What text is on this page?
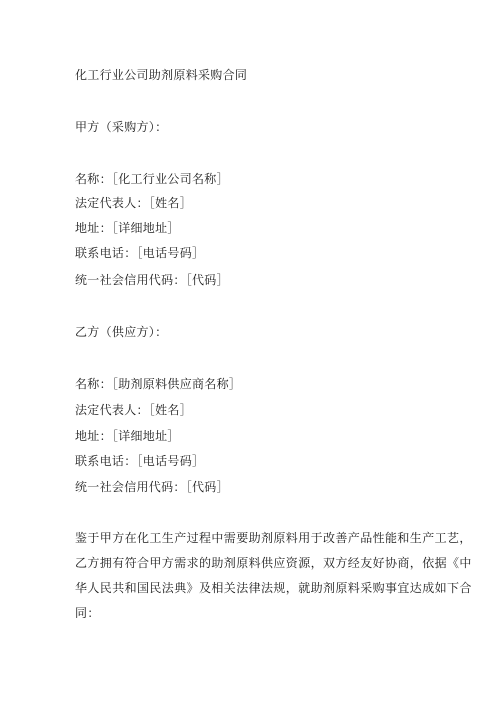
化工行业公司助剂原料采购合同
甲方（采购方）：
名称：［化工行业公司名称］
法定代表人：［姓名］
地址：［详细地址］
联系电话：［电话号码］
统一社会信用代码：［代码］
乙方（供应方）：
名称：［助剂原料供应商名称］
法定代表人：［姓名］
地址：［详细地址］
联系电话：［电话号码］
统一社会信用代码：［代码］
鉴于甲方在化工生产过程中需要助剂原料用于改善产品性能和生产工艺，
乙方拥有符合甲方需求的助剂原料供应资源，双方经友好协商，依据《中
华人民共和国民法典》及相关法律法规，就助剂原料采购事宜达成如下合
同：
